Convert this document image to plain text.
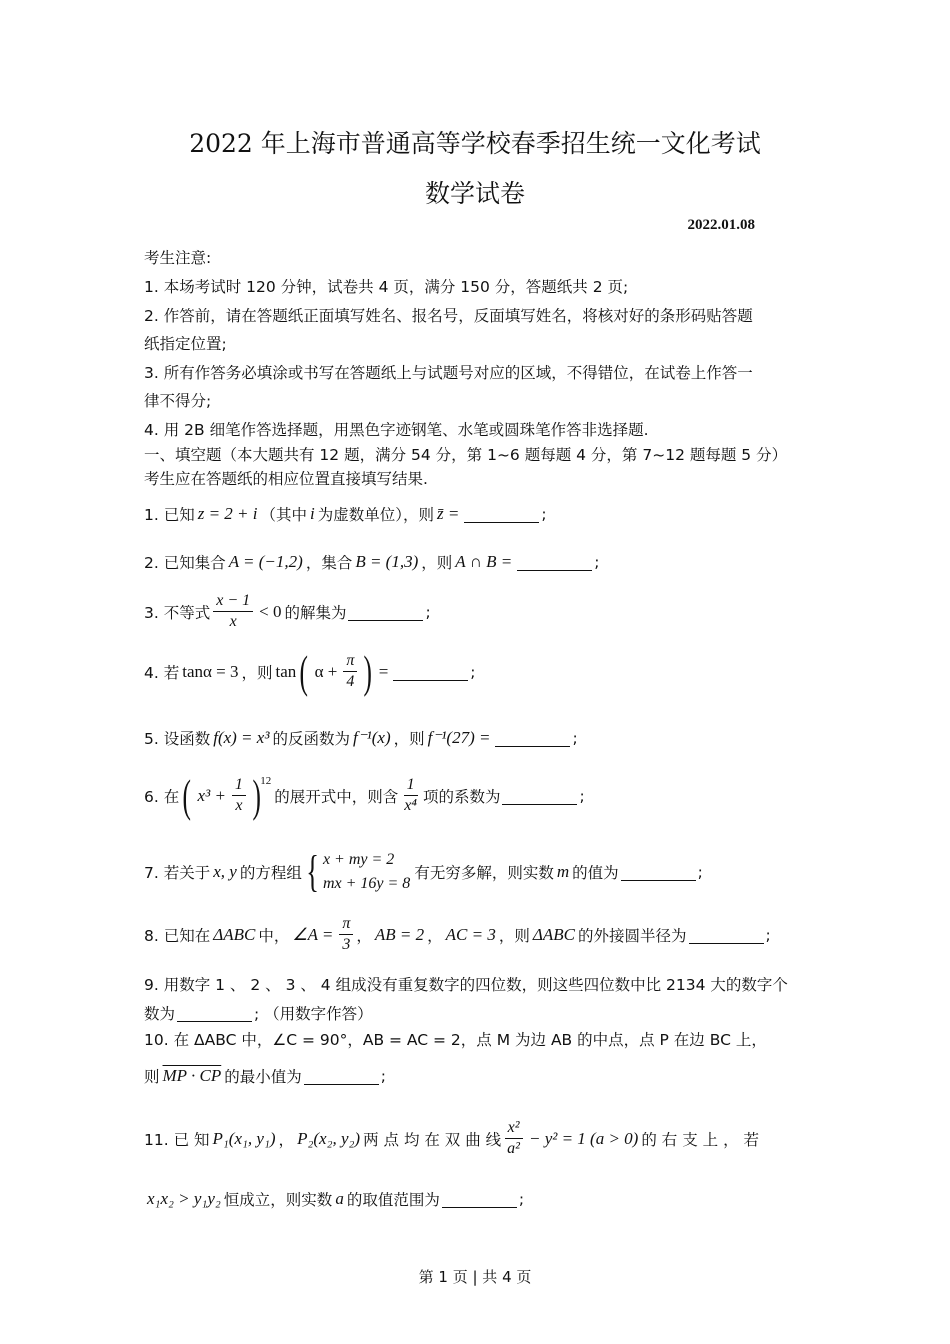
2022 年上海市普通高等学校春季招生统一文化考试
数学试卷
2022.01.08
考生注意:
1. 本场考试时 120 分钟，试卷共 4 页，满分 150 分，答题纸共 2 页;
2. 作答前，请在答题纸正面填写姓名、报名号，反面填写姓名，将核对好的条形码贴答题
纸指定位置;
3. 所有作答务必填涂或书写在答题纸上与试题号对应的区域，不得错位，在试卷上作答一
律不得分;
4. 用 2B 细笔作答选择题，用黑色字迹钢笔、水笔或圆珠笔作答非选择题.
一、填空题（本大题共有 12 题，满分 54 分，第 1~6 题每题 4 分，第 7~12 题每题 5 分）
考生应在答题纸的相应位置直接填写结果.
1. 已知 z = 2 + i （其中 i 为虚数单位），则 z̄ =	;
2. 已知集合 A = (−1,2) ，集合 B = (1,3) ，则 A ∩ B =	;
3. 不等式 $\frac{x - 1}{x} < 0$ 的解集为	;
4. 若 tanα = 3 ，则 tan ( $\alpha + \frac{\pi}{4}$ ) =	;
5. 设函数 f(x) = x³ 的反函数为 f⁻¹(x) ，则 f⁻¹(27) =	;
6. 在 ( $x^3 + \frac{1}{x}$ ) 12
的展开式中，则含 $\frac{1}{\text{x⁴}}$ 项的系数为	;
7. 若关于 x, y 的方程组 { x + my = 2
mx + 16y = 8
有无穷多解，则实数 m 的值为	;
8. 已知在 ΔABC 中， ∠A = $\frac{\pi}{3}$ ， AB = 2 ， AC = 3 ，则 ΔABC 的外接圆半径为	;
9. 用数字 1 、 2 、 3 、 4 组成没有重复数字的四位数，则这些四位数中比 2134 大的数字个
数为	; （用数字作答）
10. 在 ΔABC 中，∠C = 90°，AB = AC = 2，点 M 为边 AB 的中点，点 P 在边 BC 上，
则 MP · CP 的最小值为	;
11. 已 知 P₁(x₁, y₁) ， P₂(x₂, y₂) 两 点 均 在 双 曲 线 $\frac{\text{x²}}{\text{a²}} - y^2 = 1$ (a > 0) 的 右 支 上 ， 若
x₁x₂ > y₁y₂ 恒成立，则实数 a 的取值范围为	;
第 1 页 | 共 4 页
